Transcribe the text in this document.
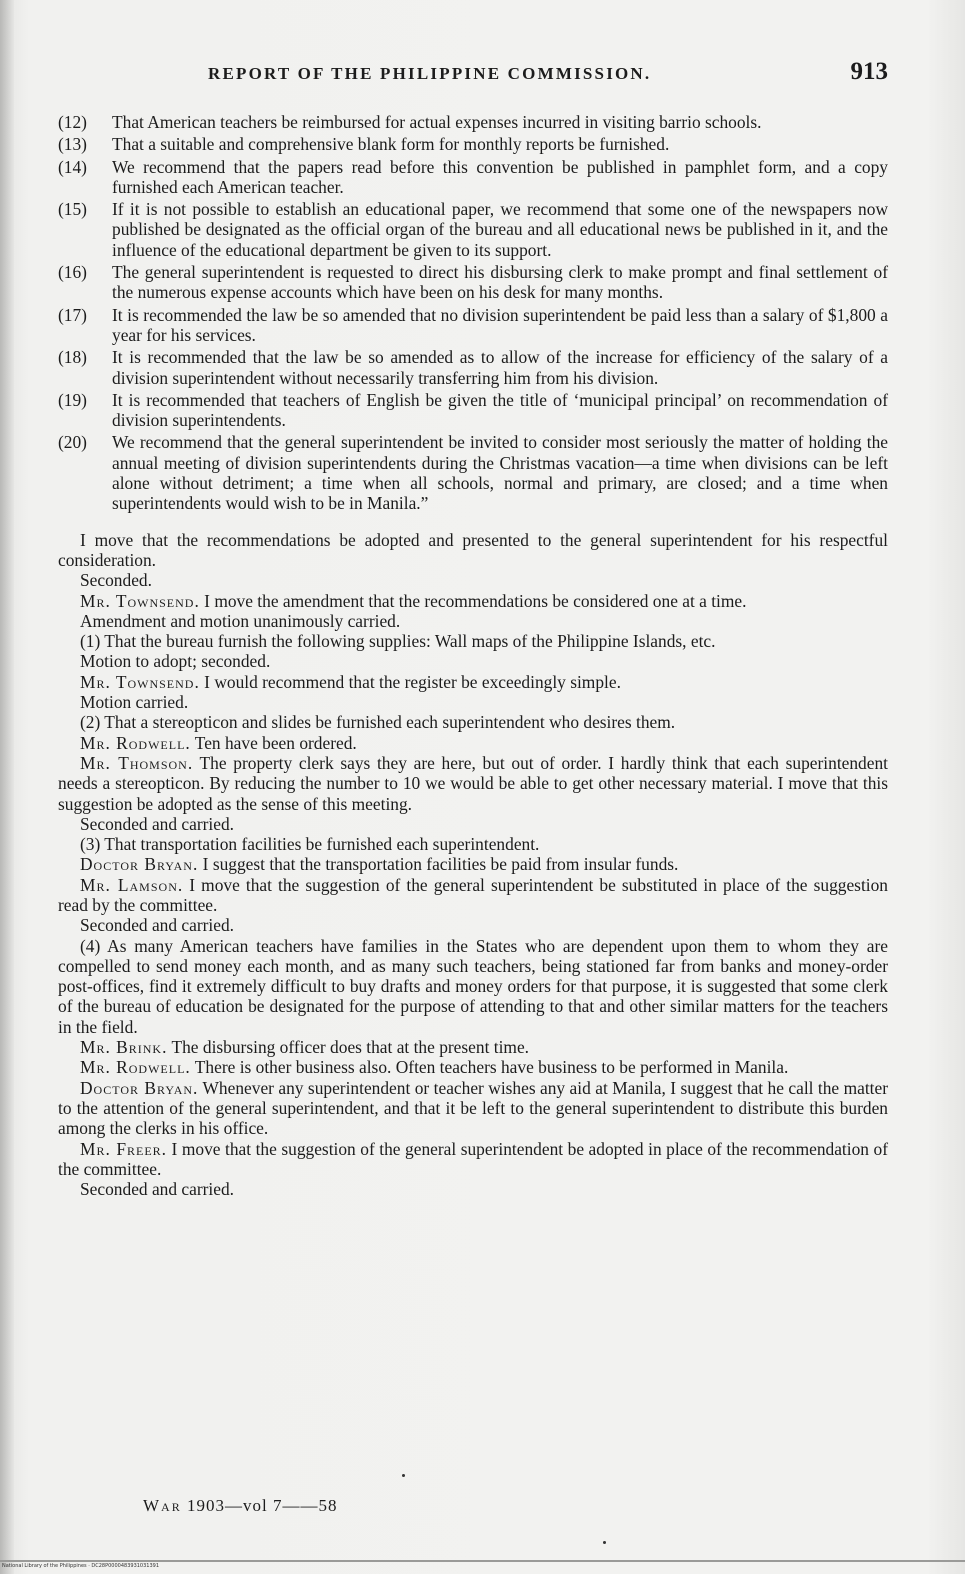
REPORT OF THE PHILIPPINE COMMISSION.	913

(12) That American teachers be reimbursed for actual expenses incurred in visiting barrio schools.

(13) That a suitable and comprehensive blank form for monthly reports be furnished.

(14) We recommend that the papers read before this convention be published in pamphlet form, and a copy furnished each American teacher.

(15) If it is not possible to establish an educational paper, we recommend that some one of the newspapers now published be designated as the official organ of the bureau and all educational news be published in it, and the influence of the educational department be given to its support.

(16) The general superintendent is requested to direct his disbursing clerk to make prompt and final settlement of the numerous expense accounts which have been on his desk for many months.

(17) It is recommended the law be so amended that no division superintendent be paid less than a salary of $1,800 a year for his services.

(18) It is recommended that the law be so amended as to allow of the increase for efficiency of the salary of a division superintendent without necessarily transferring him from his division.

(19) It is recommended that teachers of English be given the title of ‘municipal principal’ on recommendation of division superintendents.

(20) We recommend that the general superintendent be invited to consider most seriously the matter of holding the annual meeting of division superintendents during the Christmas vacation—a time when divisions can be left alone without detriment; a time when all schools, normal and primary, are closed; and a time when superintendents would wish to be in Manila.”

I move that the recommendations be adopted and presented to the general superintendent for his respectful consideration.

Seconded.

Mr. Townsend. I move the amendment that the recommendations be considered one at a time.

Amendment and motion unanimously carried.

(1) That the bureau furnish the following supplies: Wall maps of the Philippine Islands, etc.

Motion to adopt; seconded.

Mr. Townsend. I would recommend that the register be exceedingly simple.

Motion carried.

(2) That a stereopticon and slides be furnished each superintendent who desires them.

Mr. Rodwell. Ten have been ordered.

Mr. Thomson. The property clerk says they are here, but out of order. I hardly think that each superintendent needs a stereopticon. By reducing the number to 10 we would be able to get other necessary material. I move that this suggestion be adopted as the sense of this meeting.

Seconded and carried.

(3) That transportation facilities be furnished each superintendent.

Doctor Bryan. I suggest that the transportation facilities be paid from insular funds.

Mr. Lamson. I move that the suggestion of the general superintendent be substituted in place of the suggestion read by the committee.

Seconded and carried.

(4) As many American teachers have families in the States who are dependent upon them to whom they are compelled to send money each month, and as many such teachers, being stationed far from banks and money-order post-offices, find it extremely difficult to buy drafts and money orders for that purpose, it is suggested that some clerk of the bureau of education be designated for the purpose of attending to that and other similar matters for the teachers in the field.

Mr. Brink. The disbursing officer does that at the present time.

Mr. Rodwell. There is other business also. Often teachers have business to be performed in Manila.

Doctor Bryan. Whenever any superintendent or teacher wishes any aid at Manila, I suggest that he call the matter to the attention of the general superintendent, and that it be left to the general superintendent to distribute this burden among the clerks in his office.

Mr. Freer. I move that the suggestion of the general superintendent be adopted in place of the recommendation of the committee.

Seconded and carried.

War 1903—vol 7——58
National Library of the Philippines · DC28P0000483931031391
